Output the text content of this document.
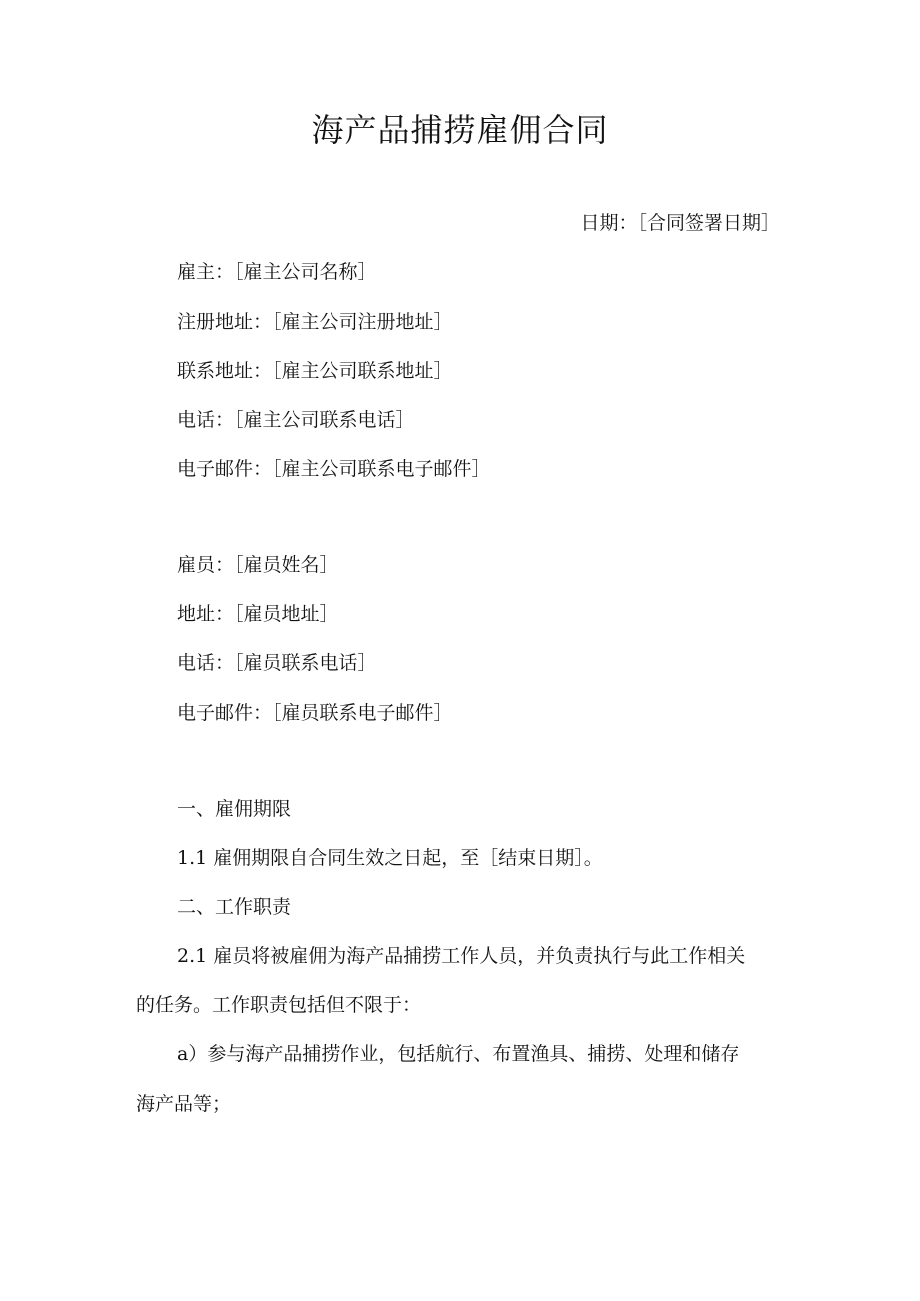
海产品捕捞雇佣合同
日期：［合同签署日期］
雇主：［雇主公司名称］
注册地址：［雇主公司注册地址］
联系地址：［雇主公司联系地址］
电话：［雇主公司联系电话］
电子邮件：［雇主公司联系电子邮件］
雇员：［雇员姓名］
地址：［雇员地址］
电话：［雇员联系电话］
电子邮件：［雇员联系电子邮件］
一、雇佣期限
1.1 雇佣期限自合同生效之日起，至［结束日期］。
二、工作职责
2.1 雇员将被雇佣为海产品捕捞工作人员，并负责执行与此工作相关
的任务。工作职责包括但不限于：
a）参与海产品捕捞作业，包括航行、布置渔具、捕捞、处理和储存
海产品等；
